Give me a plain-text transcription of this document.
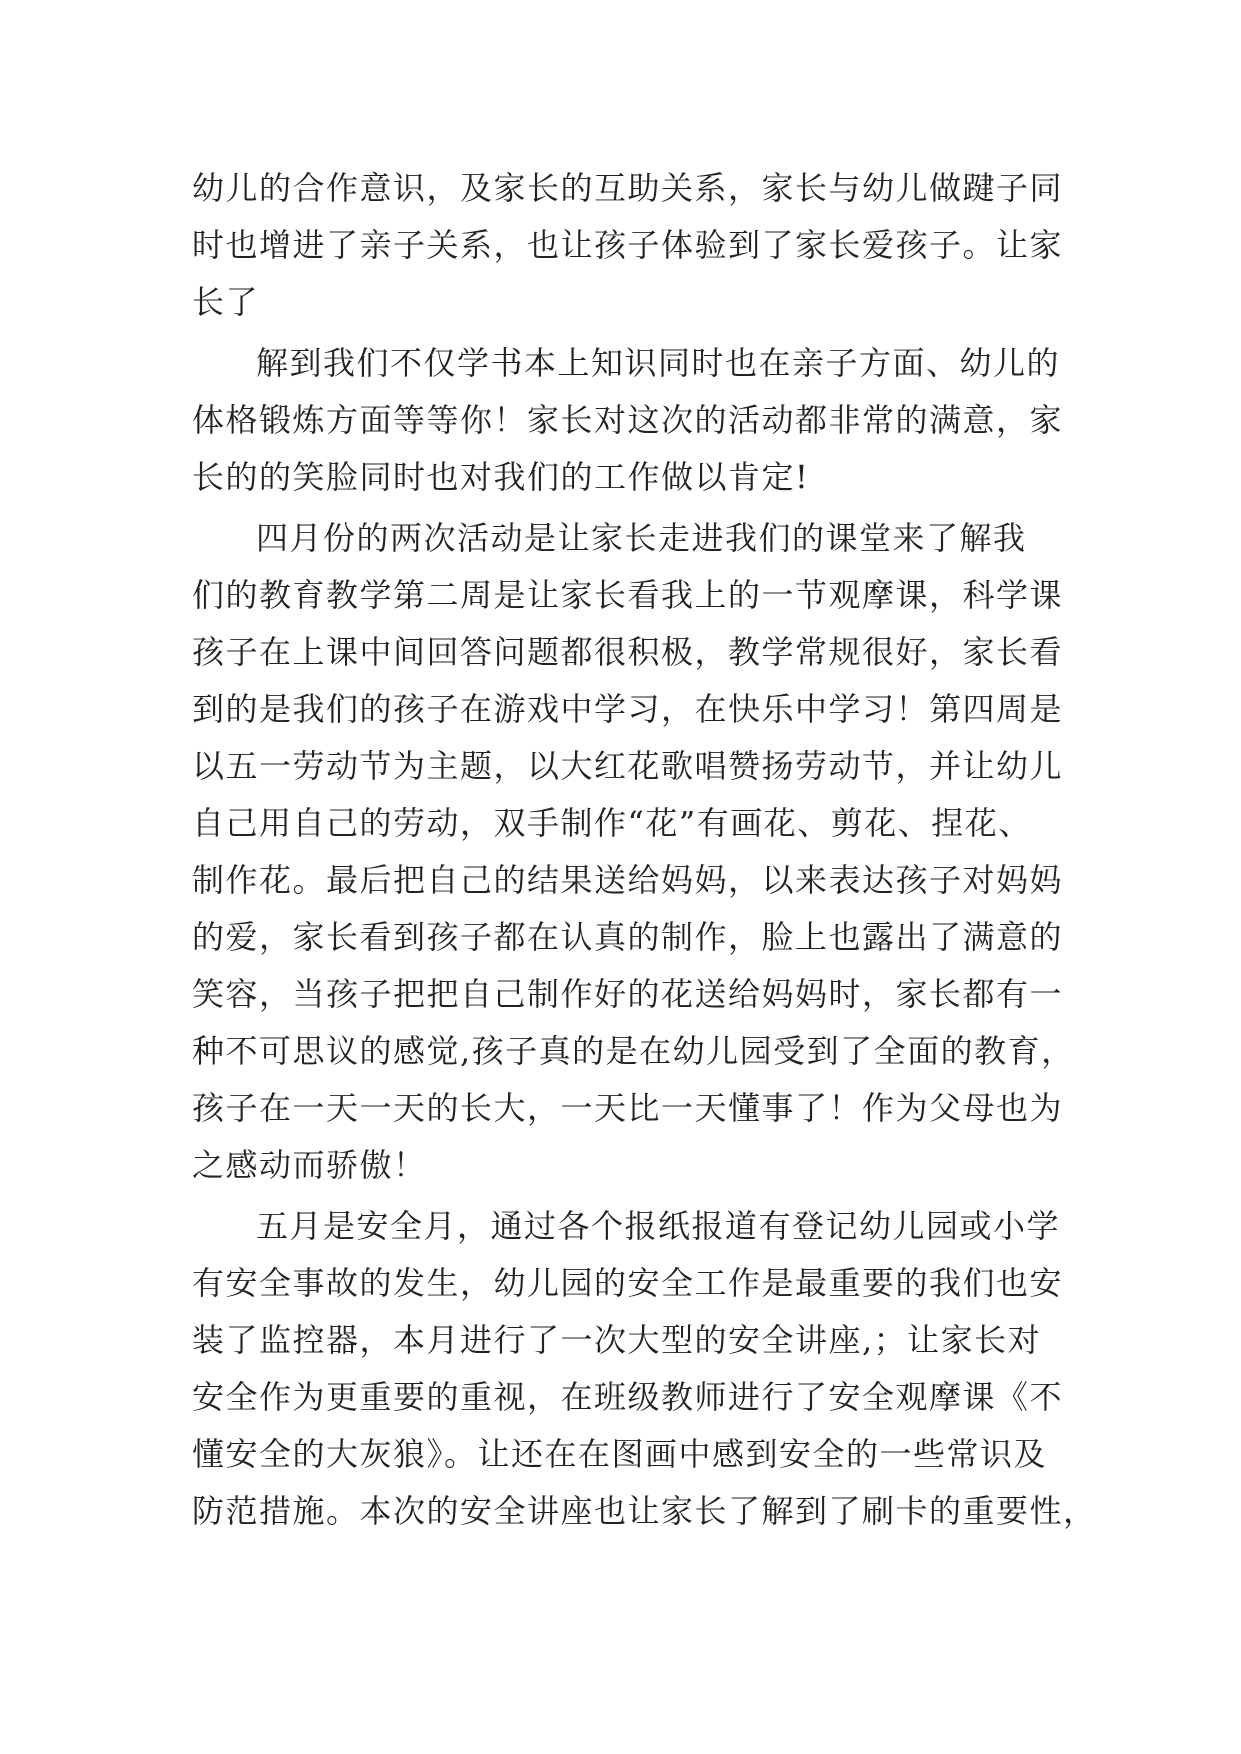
幼儿的合作意识，及家长的互助关系，家长与幼儿做踺子同
时也增进了亲子关系，也让孩子体验到了家长爱孩子。让家
长了
解到我们不仅学书本上知识同时也在亲子方面、幼儿的
体格锻炼方面等等你！家长对这次的活动都非常的满意，家
长的的笑脸同时也对我们的工作做以肯定!
四月份的两次活动是让家长走进我们的课堂来了解我
们的教育教学第二周是让家长看我上的一节观摩课，科学课
孩子在上课中间回答问题都很积极，教学常规很好，家长看
到的是我们的孩子在游戏中学习，在快乐中学习！第四周是
以五一劳动节为主题，以大红花歌唱赞扬劳动节，并让幼儿
自己用自己的劳动，双手制作“花”有画花、剪花、捏花、
制作花。最后把自己的结果送给妈妈，以来表达孩子对妈妈
的爱，家长看到孩子都在认真的制作，脸上也露出了满意的
笑容，当孩子把把自己制作好的花送给妈妈时，家长都有一
种不可思议的感觉,孩子真的是在幼儿园受到了全面的教育，
孩子在一天一天的长大，一天比一天懂事了！作为父母也为
之感动而骄傲！
五月是安全月，通过各个报纸报道有登记幼儿园或小学
有安全事故的发生，幼儿园的安全工作是最重要的我们也安
装了监控器，本月进行了一次大型的安全讲座,；让家长对
安全作为更重要的重视，在班级教师进行了安全观摩课《不
懂安全的大灰狼》。让还在在图画中感到安全的一些常识及
防范措施。本次的安全讲座也让家长了解到了刷卡的重要性，
